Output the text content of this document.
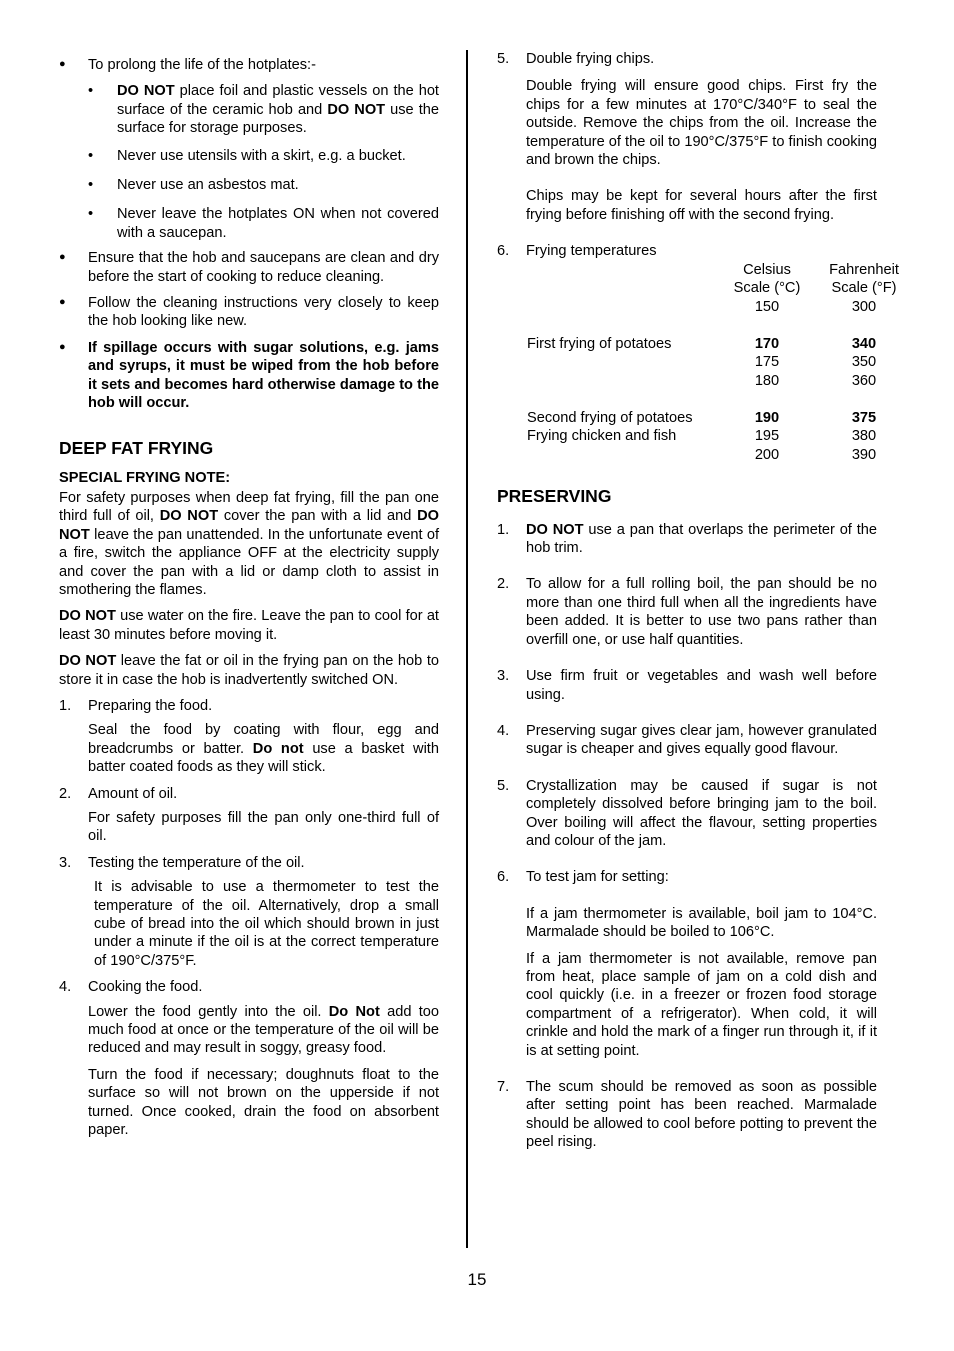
● To prolong the life of the hotplates:-
• DO NOT place foil and plastic vessels on the hot surface of the ceramic hob and DO NOT use the surface for storage purposes.
• Never use utensils with a skirt, e.g. a bucket.
• Never use an asbestos mat.
• Never leave the hotplates ON when not covered with a saucepan.
● Ensure that the hob and saucepans are clean and dry before the start of cooking to reduce cleaning.
● Follow the cleaning instructions very closely to keep the hob looking like new.
● If spillage occurs with sugar solutions, e.g. jams and syrups, it must be wiped from the hob before it sets and becomes hard otherwise damage to the hob will occur.
DEEP FAT FRYING
SPECIAL FRYING NOTE:

For safety purposes when deep fat frying, fill the pan one third full of oil, DO NOT cover the pan with a lid and DO NOT leave the pan unattended. In the unfortunate event of a fire, switch the appliance OFF at the electricity supply and cover the pan with a lid or damp cloth to assist in smothering the flames.

DO NOT use water on the fire. Leave the pan to cool for at least 30 minutes before moving it.

DO NOT leave the fat or oil in the frying pan on the hob to store it in case the hob is inadvertently switched ON.

1. Preparing the food.

Seal the food by coating with flour, egg and breadcrumbs or batter. Do not use a basket with batter coated foods as they will stick.

2. Amount of oil.

For safety purposes fill the pan only one-third full of oil.

3. Testing the temperature of the oil.

It is advisable to use a thermometer to test the temperature of the oil. Alternatively, drop a small cube of bread into the oil which should brown in just under a minute if the oil is at the correct temperature of 190°C/375°F.

4. Cooking the food.

Lower the food gently into the oil. Do Not add too much food at once or the temperature of the oil will be reduced and may result in soggy, greasy food.

Turn the food if necessary; doughnuts float to the surface so will not brown on the upperside if not turned. Once cooked, drain the food on absorbent paper.

5. Double frying chips.

Double frying will ensure good chips. First fry the chips for a few minutes at 170°C/340°F to seal the outside. Remove the chips from the oil. Increase the temperature of the oil to 190°C/375°F to finish cooking and brown the chips.

Chips may be kept for several hours after the first frying before finishing off with the second frying.

6. Frying temperatures
Celsius
Scale (°C)
Fahrenheit
Scale (°F)
150	300
First frying of potatoes	170	340
175	350
180	360
Second frying of potatoes	190	375
Frying chicken and fish	195	380
200	390
PRESERVING
1. DO NOT use a pan that overlaps the perimeter of the hob trim.
2. To allow for a full rolling boil, the pan should be no more than one third full when all the ingredients have been added. It is better to use two pans rather than overfill one, or use half quantities.
3. Use firm fruit or vegetables and wash well before using.
4. Preserving sugar gives clear jam, however granulated sugar is cheaper and gives equally good flavour.
5. Crystallization may be caused if sugar is not completely dissolved before bringing jam to the boil. Over boiling will affect the flavour, setting properties and colour of the jam.
6. To test jam for setting:

If a jam thermometer is available, boil jam to 104°C. Marmalade should be boiled to 106°C.

If a jam thermometer is not available, remove pan from heat, place sample of jam on a cold dish and cool quickly (i.e. in a freezer or frozen food storage compartment of a refrigerator). When cold, it will crinkle and hold the mark of a finger run through it, if it is at setting point.

7. The scum should be removed as soon as possible after setting point has been reached. Marmalade should be allowed to cool before potting to prevent the peel rising.
15
